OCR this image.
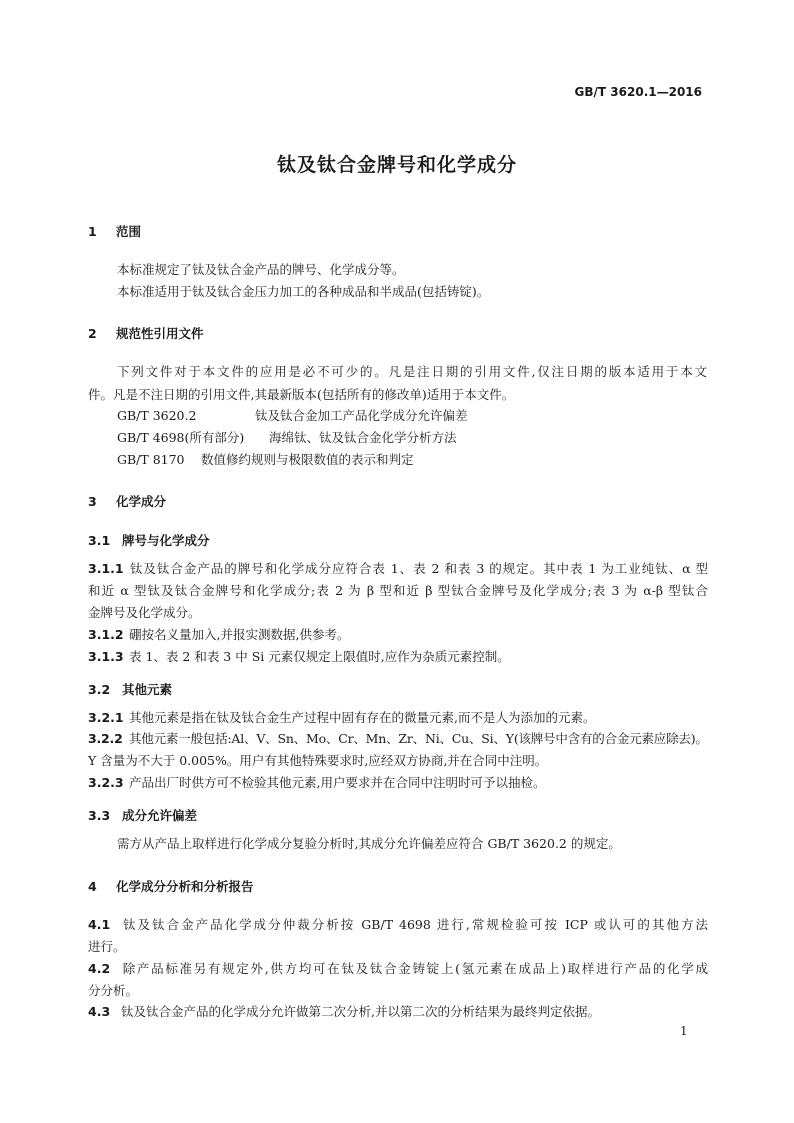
GB/T 3620.1—2016
钛及钛合金牌号和化学成分
1 范围
本标准规定了钛及钛合金产品的牌号、化学成分等。
本标准适用于钛及钛合金压力加工的各种成品和半成品(包括铸锭)。
2 规范性引用文件
下列文件对于本文件的应用是必不可少的。凡是注日期的引用文件,仅注日期的版本适用于本文
件。凡是不注日期的引用文件,其最新版本(包括所有的修改单)适用于本文件。
GB/T 3620.2	钛及钛合金加工产品化学成分允许偏差
GB/T 4698(所有部分) 海绵钛、钛及钛合金化学分析方法
GB/T 8170 数值修约规则与极限数值的表示和判定
3 化学成分
3.1 牌号与化学成分
3.1.1 钛及钛合金产品的牌号和化学成分应符合表 1、表 2 和表 3 的规定。其中表 1 为工业纯钛、α 型
和近 α 型钛及钛合金牌号和化学成分;表 2 为 β 型和近 β 型钛合金牌号及化学成分;表 3 为 α-β 型钛合
金牌号及化学成分。
3.1.2 硼按名义量加入,并报实测数据,供参考。
3.1.3 表 1、表 2 和表 3 中 Si 元素仅规定上限值时,应作为杂质元素控制。
3.2 其他元素
3.2.1 其他元素是指在钛及钛合金生产过程中固有存在的微量元素,而不是人为添加的元素。
3.2.2 其他元素一般包括:Al、V、Sn、Mo、Cr、Mn、Zr、Ni、Cu、Si、Y(该牌号中含有的合金元素应除去)。
Y 含量为不大于 0.005%。用户有其他特殊要求时,应经双方协商,并在合同中注明。
3.2.3 产品出厂时供方可不检验其他元素,用户要求并在合同中注明时可予以抽检。
3.3 成分允许偏差
需方从产品上取样进行化学成分复验分析时,其成分允许偏差应符合 GB/T 3620.2 的规定。
4 化学成分分析和分析报告
4.1 钛及钛合金产品化学成分仲裁分析按 GB/T 4698 进行,常规检验可按 ICP 或认可的其他方法
进行。
4.2 除产品标准另有规定外,供方均可在钛及钛合金铸锭上(氢元素在成品上)取样进行产品的化学成
分分析。
4.3 钛及钛合金产品的化学成分允许做第二次分析,并以第二次的分析结果为最终判定依据。
1
